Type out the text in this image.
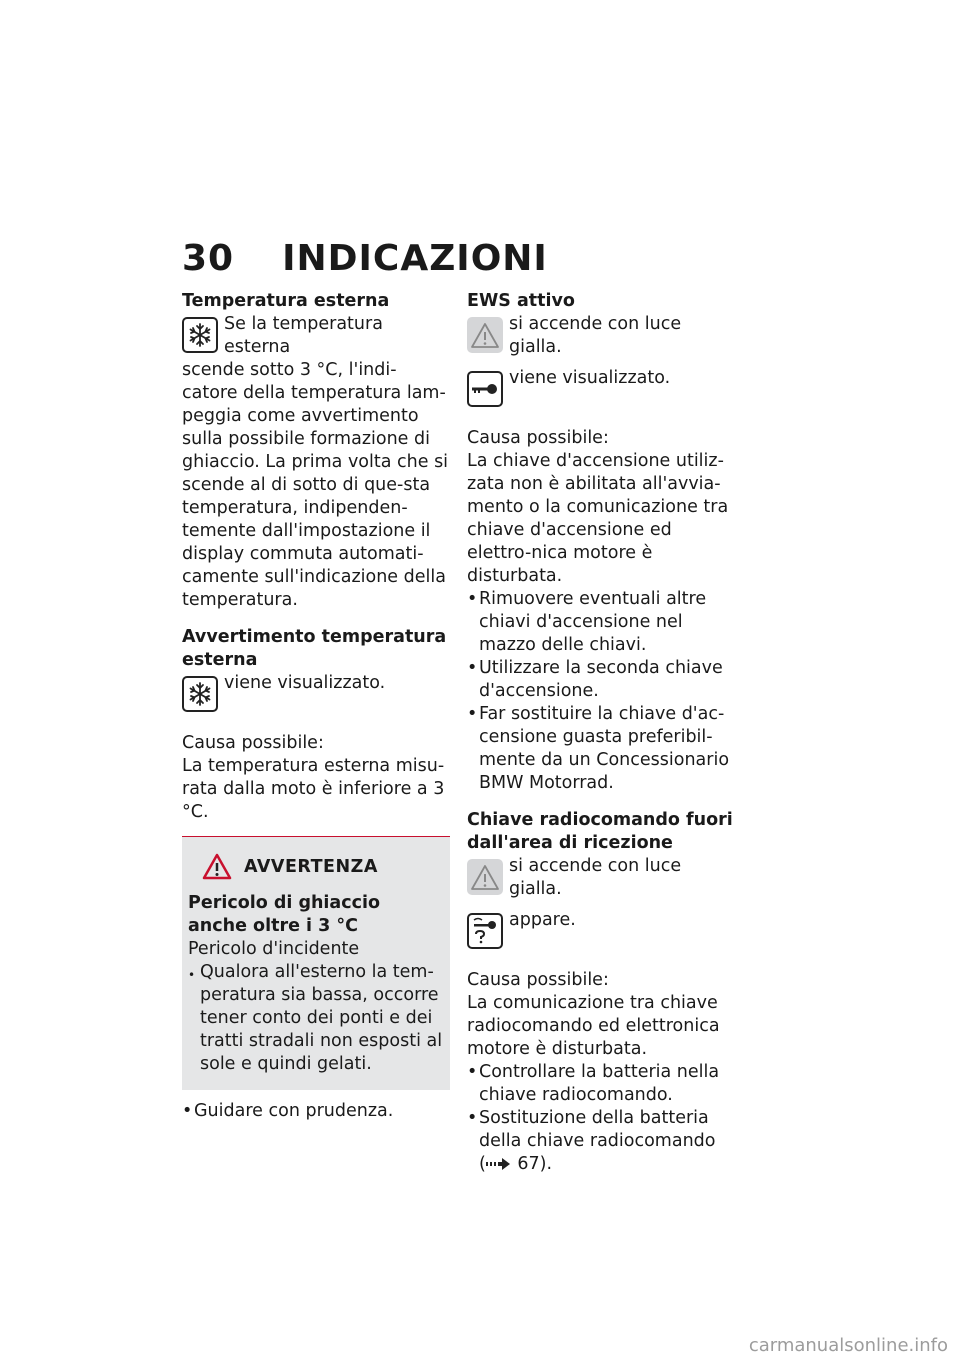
30 INDICAZIONI

Temperatura esterna

Se la temperatura esterna

scende sotto 3 °C, l'indi-

catore della temperatura lam-peggia come avvertimento sulla possibile formazione di ghiaccio. La prima volta che si scende al di sotto di que-sta temperatura, indipenden-temente dall'impostazione il display commuta automati-camente sull'indicazione della temperatura.

Avvertimento temperatura esterna

viene visualizzato.

Causa possibile:

La temperatura esterna misu-rata dalla moto è inferiore a 3 °C.

AVVERTENZA

Pericolo di ghiaccio anche oltre i 3 °C

Pericolo d'incidente

• Qualora all'esterno la tem-peratura sia bassa, occorre tener conto dei ponti e dei tratti stradali non esposti al sole e quindi gelati.
• Guidare con prudenza.

EWS attivo

si accende con luce gialla.

viene visualizzato.

Causa possibile:

La chiave d'accensione utiliz-zata non è abilitata all'avvia-mento o la comunicazione tra chiave d'accensione ed elettro-nica motore è disturbata.

• Rimuovere eventuali altre chiavi d'accensione nel mazzo delle chiavi.
• Utilizzare la seconda chiave d'accensione.
• Far sostituire la chiave d'ac-censione guasta preferibil-mente da un Concessionario BMW Motorrad.

Chiave radiocomando fuori dall'area di ricezione

si accende con luce gialla.

appare.

Causa possibile:

La comunicazione tra chiave radiocomando ed elettronica motore è disturbata.

• Controllare la batteria nella chiave radiocomando.
• Sostituzione della batteria della chiave radiocomando

( 67).

carmanualsonline.info
